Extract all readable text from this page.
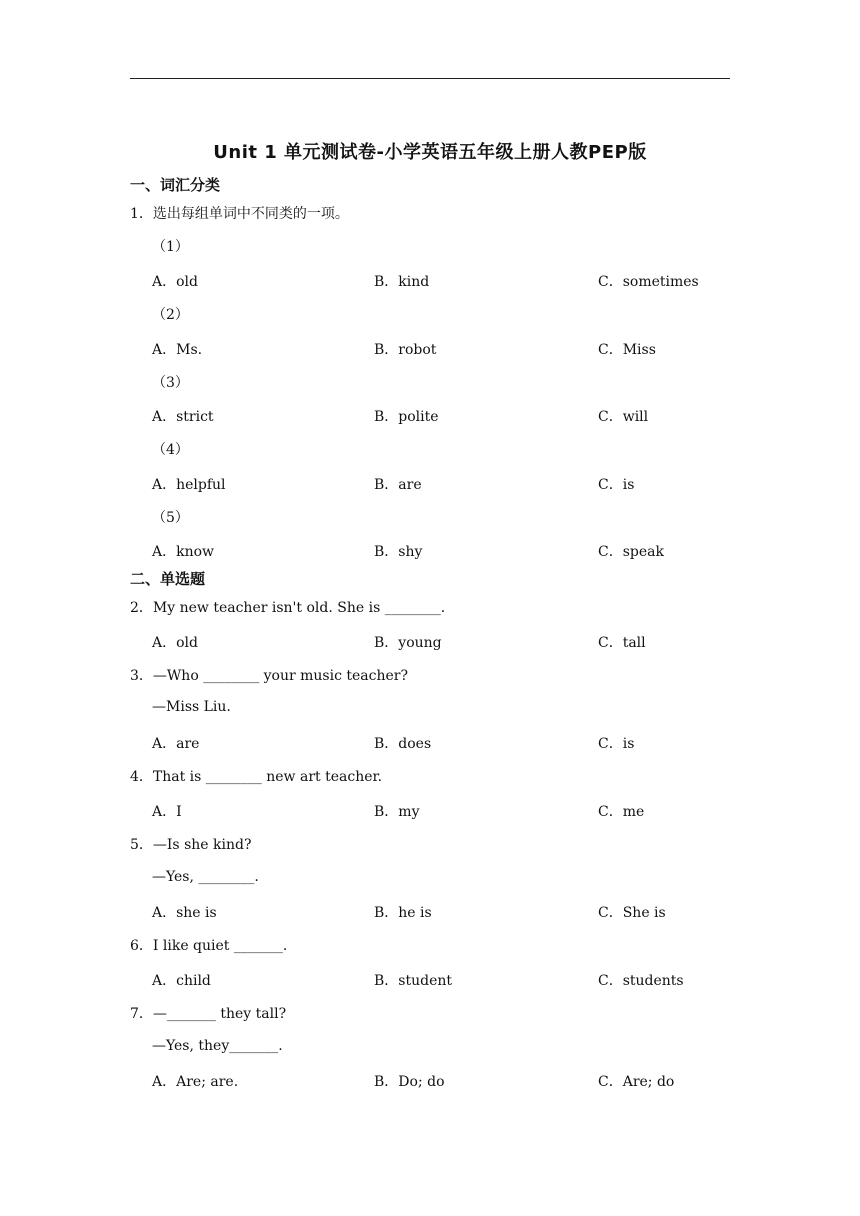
Unit 1 单元测试卷-小学英语五年级上册人教PEP版
一、词汇分类
1．选出每组单词中不同类的一项。
（1）
A．old	B．kind	C．sometimes
（2）
A．Ms.	B．robot	C．Miss
（3）
A．strict	B．polite	C．will
（4）
A．helpful	B．are	C．is
（5）
A．know	B．shy	C．speak
二、单选题
2．My new teacher isn't old. She is ________.
A．old	B．young	C．tall
3．—Who ________ your music teacher?
—Miss Liu.
A．are	B．does	C．is
4．That is ________ new art teacher.
A．I	B．my	C．me
5．—Is she kind?
—Yes, ________.
A．she is	B．he is	C．She is
6．I like quiet _______.
A．child	B．student	C．students
7．—_______ they tall?
—Yes, they_______.
A．Are; are.	B．Do; do	C．Are; do
